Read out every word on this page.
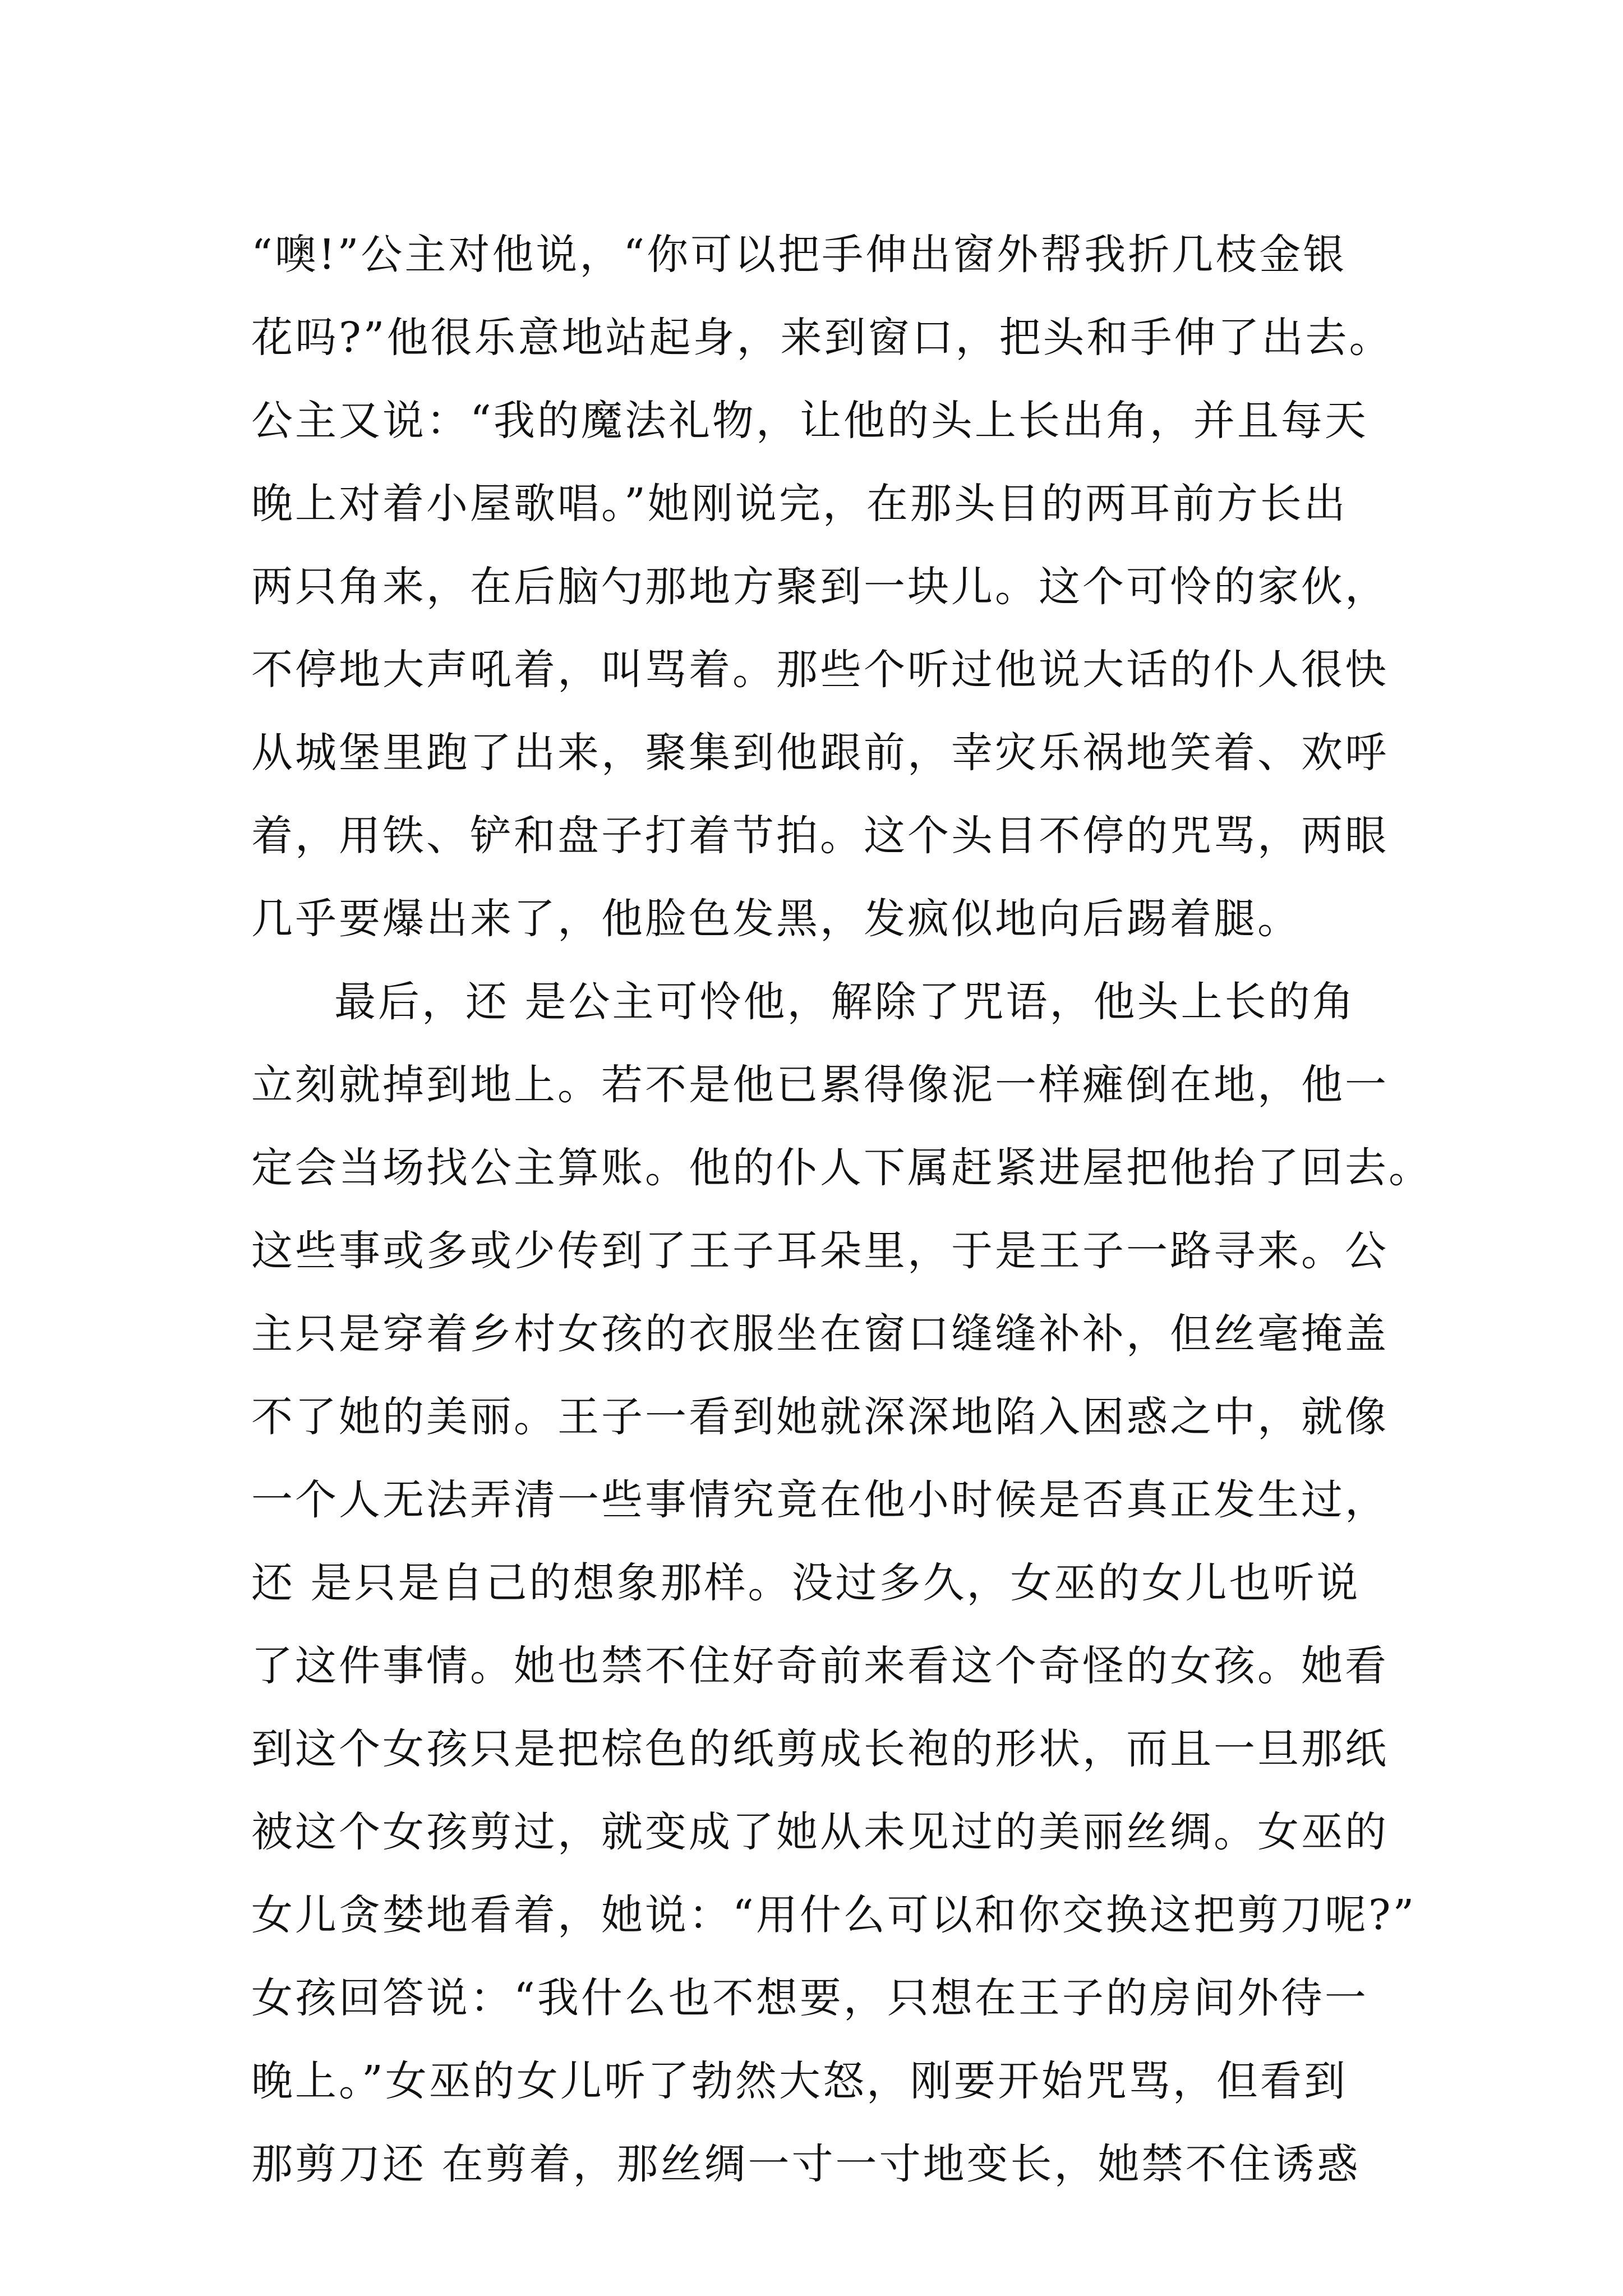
“噢!”公主对他说，“你可以把手伸出窗外帮我折几枝金银
花吗?”他很乐意地站起身，来到窗口，把头和手伸了出去。
公主又说：“我的魔法礼物，让他的头上长出角，并且每天
晚上对着小屋歌唱。”她刚说完，在那头目的两耳前方长出
两只角来，在后脑勺那地方聚到一块儿。这个可怜的家伙，
不停地大声吼着，叫骂着。那些个听过他说大话的仆人很快
从城堡里跑了出来，聚集到他跟前，幸灾乐祸地笑着、欢呼
着，用铁、铲和盘子打着节拍。这个头目不停的咒骂，两眼
几乎要爆出来了，他脸色发黑，发疯似地向后踢着腿。
最后，还 是公主可怜他，解除了咒语，他头上长的角
立刻就掉到地上。若不是他已累得像泥一样瘫倒在地，他一
定会当场找公主算账。他的仆人下属赶紧进屋把他抬了回去。
这些事或多或少传到了王子耳朵里，于是王子一路寻来。公
主只是穿着乡村女孩的衣服坐在窗口缝缝补补，但丝毫掩盖
不了她的美丽。王子一看到她就深深地陷入困惑之中，就像
一个人无法弄清一些事情究竟在他小时候是否真正发生过，
还 是只是自己的想象那样。没过多久，女巫的女儿也听说
了这件事情。她也禁不住好奇前来看这个奇怪的女孩。她看
到这个女孩只是把棕色的纸剪成长袍的形状，而且一旦那纸
被这个女孩剪过，就变成了她从未见过的美丽丝绸。女巫的
女儿贪婪地看着，她说：“用什么可以和你交换这把剪刀呢?”
女孩回答说：“我什么也不想要，只想在王子的房间外待一
晚上。”女巫的女儿听了勃然大怒，刚要开始咒骂，但看到
那剪刀还 在剪着，那丝绸一寸一寸地变长，她禁不住诱惑
